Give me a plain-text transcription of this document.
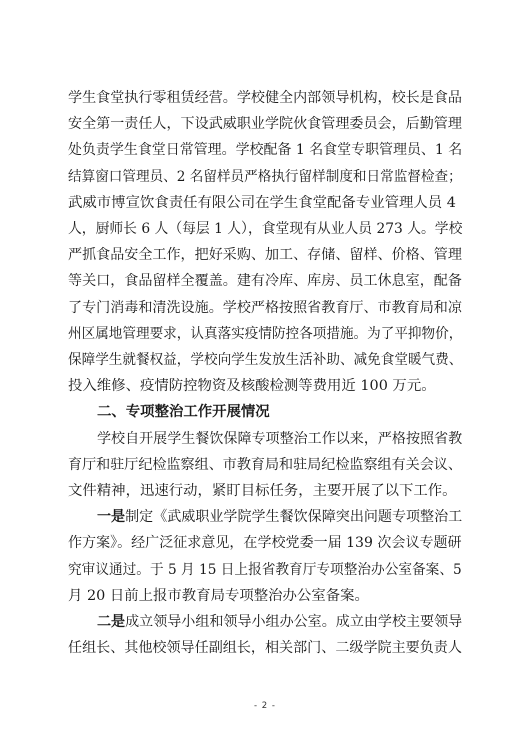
学生食堂执行零租赁经营。学校健全内部领导机构，校长是食品
安全第一责任人，下设武威职业学院伙食管理委员会，后勤管理
处负责学生食堂日常管理。学校配备 1 名食堂专职管理员、1 名
结算窗口管理员、2 名留样员严格执行留样制度和日常监督检查；
武威市博宣饮食责任有限公司在学生食堂配备专业管理人员 4
人，厨师长 6 人（每层 1 人），食堂现有从业人员 273 人。学校
严抓食品安全工作，把好采购、加工、存储、留样、价格、管理
等关口，食品留样全覆盖。建有冷库、库房、员工休息室，配备
了专门消毒和清洗设施。学校严格按照省教育厅、市教育局和凉
州区属地管理要求，认真落实疫情防控各项措施。为了平抑物价，
保障学生就餐权益，学校向学生发放生活补助、减免食堂暖气费、
投入维修、疫情防控物资及核酸检测等费用近 100 万元。
二、专项整治工作开展情况
学校自开展学生餐饮保障专项整治工作以来，严格按照省教
育厅和驻厅纪检监察组、市教育局和驻局纪检监察组有关会议、
文件精神，迅速行动，紧盯目标任务，主要开展了以下工作。
一是制定《武威职业学院学生餐饮保障突出问题专项整治工
作方案》。经广泛征求意见，在学校党委一届 139 次会议专题研
究审议通过。于 5 月 15 日上报省教育厅专项整治办公室备案、5
月 20 日前上报市教育局专项整治办公室备案。
二是成立领导小组和领导小组办公室。成立由学校主要领导
任组长、其他校领导任副组长，相关部门、二级学院主要负责人
- 2 -
